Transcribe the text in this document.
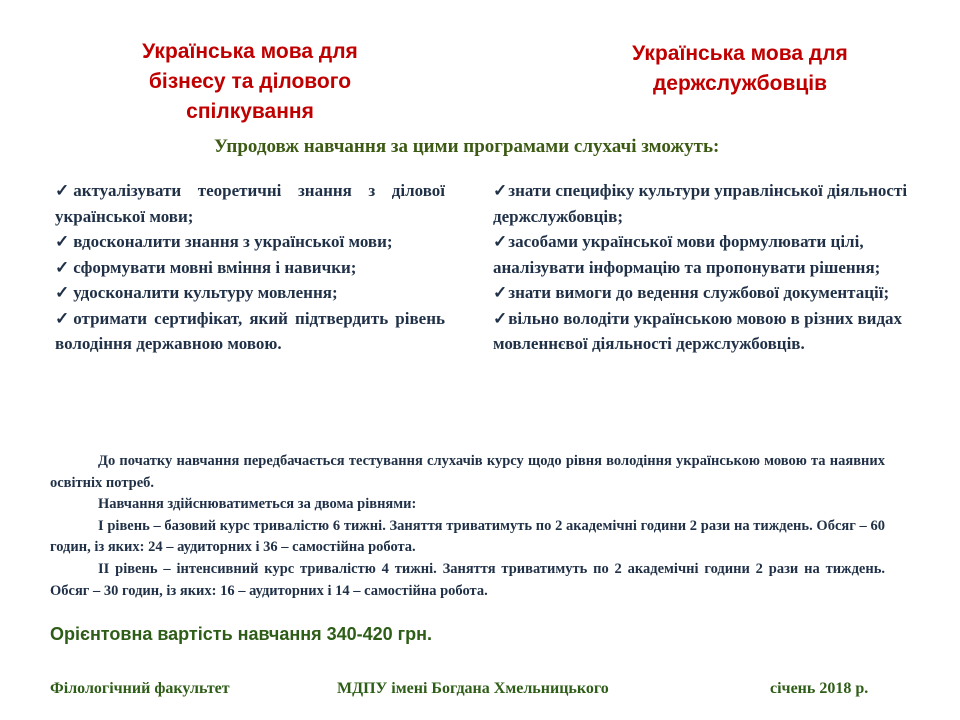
Українська мова для
бізнесу та ділового
спілкування
Українська мова для
держслужбовців
Упродовж навчання за цими програмами слухачі зможуть:

✓ актуалізувати теоретичні знання з ділової української мови;

✓ вдосконалити знання з української мови;

✓ сформувати мовні вміння і навички;

✓ удосконалити культуру мовлення;

✓ отримати сертифікат, який підтвердить рівень володіння державною мовою.

✓знати специфіку культури управлінської діяльності держслужбовців;

✓засобами української мови формулювати цілі, аналізувати інформацію та пропонувати рішення;

✓знати вимоги до ведення службової документації;

✓вільно володіти українською мовою в різних видах мовленнєвої діяльності держслужбовців.

До початку навчання передбачається тестування слухачів курсу щодо рівня володіння українською мовою та наявних освітніх потреб.

Навчання здійснюватиметься за двома рівнями:

І рівень – базовий курс тривалістю 6 тижні. Заняття триватимуть по 2 академічні години 2 рази на тиждень. Обсяг – 60 годин, із яких: 24 – аудиторних і 36 – самостійна робота.

ІІ рівень – інтенсивний курс тривалістю 4 тижні. Заняття триватимуть по 2 академічні години 2 рази на тиждень. Обсяг – 30 годин, із яких: 16 – аудиторних і 14 – самостійна робота.

Орієнтовна вартість навчання 340-420 грн.
Філологічний факультет	МДПУ імені Богдана Хмельницького	січень 2018 р.
